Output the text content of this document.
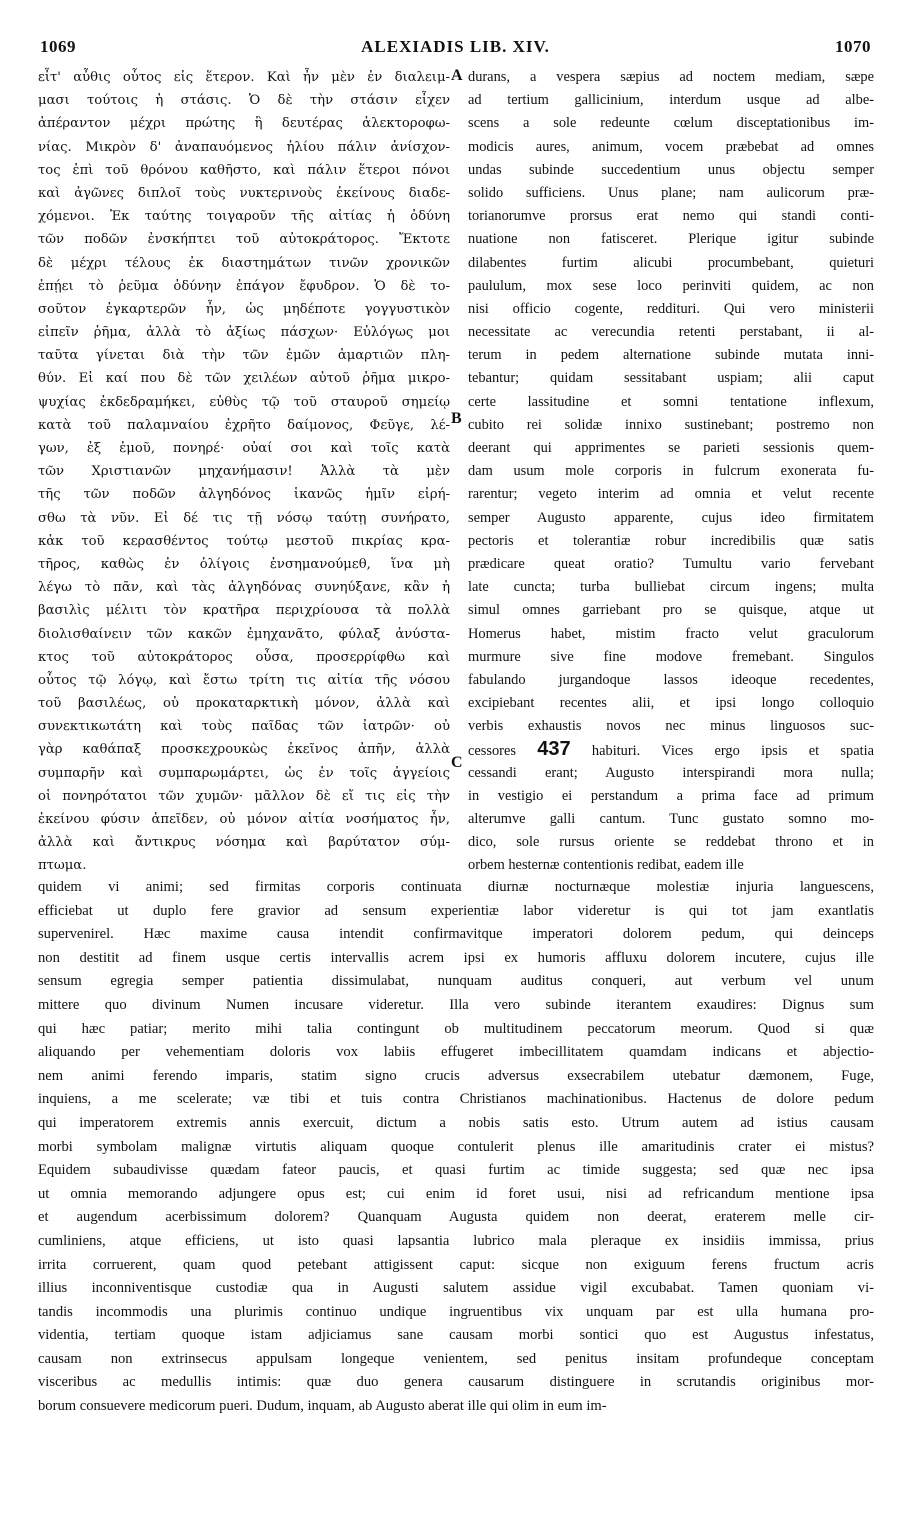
1069	ALEXIADIS LIB. XIV.	1070
εἶτ' αὖθις οὗτος εἰς ἕτερον. Καὶ ἦν μὲν ἐν διαλειμ-
μασι τούτοις ἡ στάσις. Ὁ δὲ τὴν στάσιν εἶχεν
ἀπέραντον μέχρι πρώτης ἢ δευτέρας ἀλεκτοροφω-
νίας. Μικρὸν δ' ἀναπαυόμενος ἡλίου πάλιν ἀνίσχον-
τος ἐπὶ τοῦ θρόνου καθῆστο, καὶ πάλιν ἕτεροι πόνοι
καὶ ἀγῶνες διπλοῖ τοὺς νυκτερινοὺς ἐκείνους διαδε-
χόμενοι. Ἐκ ταύτης τοιγαροῦν τῆς αἰτίας ἡ ὀδύνη
τῶν ποδῶν ἐνσκήπτει τοῦ αὐτοκράτορος. Ἔκτοτε
δὲ μέχρι τέλους ἐκ διαστημάτων τινῶν χρονικῶν
ἐπῄει τὸ ῥεῦμα ὀδύνην ἐπάγον ἔφυδρον. Ὁ δὲ το-
σοῦτον ἐγκαρτερῶν ἦν, ὡς μηδέποτε γογγυστικὸν
εἰπεῖν ῥῆμα, ἀλλὰ τὸ ἀξίως πάσχων· Εὐλόγως μοι
ταῦτα γίνεται διὰ τὴν τῶν ἐμῶν ἁμαρτιῶν πλη-
θύν. Εἰ καί που δὲ τῶν χειλέων αὐτοῦ ῥῆμα μικρο-
ψυχίας ἐκδεδραμήκει, εὐθὺς τῷ τοῦ σταυροῦ σημείῳ
κατὰ τοῦ παλαμναίου ἐχρῆτο δαίμονος, Φεῦγε, λέ-
γων, ἐξ ἐμοῦ, πονηρέ· οὐαί σοι καὶ τοῖς κατὰ
τῶν Χριστιανῶν μηχανήμασιν! Ἀλλὰ τὰ μὲν
τῆς τῶν ποδῶν ἀλγηδόνος ἱκανῶς ἡμῖν εἰρή-
σθω τὰ νῦν. Εἰ δέ τις τῇ νόσῳ ταύτῃ συνήρατο,
κἀκ τοῦ κερασθέντος τούτῳ μεστοῦ πικρίας κρα-
τῆρος, καθὼς ἐν ὀλίγοις ἐνσημανούμεθ, ἵνα μὴ
λέγω τὸ πᾶν, καὶ τὰς ἀλγηδόνας συνηύξανε, κἂν ἡ
βασιλὶς μέλιτι τὸν κρατῆρα περιχρίουσα τὰ πολλὰ
διολισθαίνειν τῶν κακῶν ἐμηχανᾶτο, φύλαξ ἀνύστα-
κτος τοῦ αὐτοκράτορος οὖσα, προσερρίφθω καὶ
οὗτος τῷ λόγῳ, καὶ ἔστω τρίτη τις αἰτία τῆς νόσου
τοῦ βασιλέως, οὐ προκαταρκτικὴ μόνον, ἀλλὰ καὶ
συνεκτικωτάτη καὶ τοὺς παῖδας τῶν ἰατρῶν· οὐ
γὰρ καθάπαξ προσκεχρουκὼς ἐκεῖνος ἀπῆν, ἀλλὰ
συμπαρῆν καὶ συμπαρωμάρτει, ὡς ἐν τοῖς ἀγγείοις
οἱ πονηρότατοι τῶν χυμῶν· μᾶλλον δὲ εἴ τις εἰς τὴν
ἐκείνου φύσιν ἀπεῖδεν, οὐ μόνον αἰτία νοσήματος ἦν,
ἀλλὰ καὶ ἄντικρυς νόσημα καὶ βαρύτατον σύμ-
πτωμα.
A
B
C
durans, a vespera sæpius ad noctem mediam, sæpe
ad tertium gallicinium, interdum usque ad albe-
scens a sole redeunte cœlum disceptationibus im-
modicis aures, animum, vocem præbebat ad omnes
undas subinde succedentium unus objectu semper
solido sufficiens. Unus plane; nam aulicorum præ-
torianorumve prorsus erat nemo qui standi conti-
nuatione non fatisceret. Plerique igitur subinde
dilabentes furtim alicubi procumbebant, quieturi
paululum, mox sese loco perinviti quidem, ac non
nisi officio cogente, reddituri. Qui vero ministerii
necessitate ac verecundia retenti perstabant, ii al-
terum in pedem alternatione subinde mutata inni-
tebantur; quidam sessitabant uspiam; alii caput
certe lassitudine et somni tentatione inflexum,
cubito rei solidæ innixo sustinebant; postremo non
deerant qui apprimentes se parieti sessionis quem-
dam usum mole corporis in fulcrum exonerata fu-
rarentur; vegeto interim ad omnia et velut recente
semper Augusto apparente, cujus ideo firmitatem
pectoris et tolerantiæ robur incredibilis quæ satis
prædicare queat oratio? Tumultu vario fervebant
late cuncta; turba bulliebat circum ingens; multa
simul omnes garriebant pro se quisque, atque ut
Homerus habet, mistim fracto velut graculorum
murmure sive fine modove fremebant. Singulos
fabulando jurgandoque lassos ideoque recedentes,
excipiebant recentes alii, et ipsi longo colloquio
verbis exhaustis novos nec minus linguosos suc-
cessores 437 habituri. Vices ergo ipsis et spatia
cessandi erant; Augusto interspirandi mora nulla;
in vestigio ei perstandum a prima face ad primum
alterumve galli cantum. Tunc gustato somno mo-
dico, sole rursus oriente se reddebat throno et in
orbem hesternæ contentionis redibat, eadem ille
quidem vi animi; sed firmitas corporis continuata diurnæ nocturnæque molestiæ injuria languescens,
efficiebat ut duplo fere gravior ad sensum experientiæ labor videretur is qui tot jam exantlatis
supervenirel. Hæc maxime causa intendit confirmavitque imperatori dolorem pedum, qui deinceps
non destitit ad finem usque certis intervallis acrem ipsi ex humoris affluxu dolorem incutere, cujus ille
sensum egregia semper patientia dissimulabat, nunquam auditus conqueri, aut verbum vel unum
mittere quo divinum Numen incusare videretur. Illa vero subinde iterantem exaudires: Dignus sum
qui hæc patiar; merito mihi talia contingunt ob multitudinem peccatorum meorum. Quod si quæ
aliquando per vehementiam doloris vox labiis effugeret imbecillitatem quamdam indicans et abjectio-
nem animi ferendo imparis, statim signo crucis adversus exsecrabilem utebatur dæmonem, Fuge,
inquiens, a me scelerate; væ tibi et tuis contra Christianos machinationibus. Hactenus de dolore pedum
qui imperatorem extremis annis exercuit, dictum a nobis satis esto. Utrum autem ad istius causam
morbi symbolam malignæ virtutis aliquam quoque contulerit plenus ille amaritudinis crater ei mistus?
Equidem subaudivisse quædam fateor paucis, et quasi furtim ac timide suggesta; sed quæ nec ipsa
ut omnia memorando adjungere opus est; cui enim id foret usui, nisi ad refricandum mentione ipsa
et augendum acerbissimum dolorem? Quanquam Augusta quidem non deerat, eraterem melle cir-
cumliniens, atque efficiens, ut isto quasi lapsantia lubrico mala pleraque ex insidiis immissa, prius
irrita corruerent, quam quod petebant attigissent caput: sicque non exiguum ferens fructum acris
illius inconniventisque custodiæ qua in Augusti salutem assidue vigil excubabat. Tamen quoniam vi-
tandis incommodis una plurimis continuo undique ingruentibus vix unquam par est ulla humana pro-
videntia, tertiam quoque istam adjiciamus sane causam morbi sontici quo est Augustus infestatus,
causam non extrinsecus appulsam longeque venientem, sed penitus insitam profundeque conceptam
visceribus ac medullis intimis: quæ duo genera causarum distinguere in scrutandis originibus mor-
borum consuevere medicorum pueri. Dudum, inquam, ab Augusto aberat ille qui olim in eum im-
